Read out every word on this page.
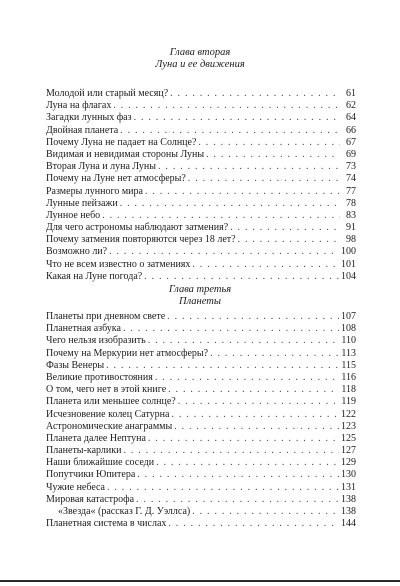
Глава вторая
Луна и ее движения
Молодой или старый месяц? . . .	61
Луна на флагах . . .	62
Загадки лунных фаз . . .	64
Двойная планета . . .	66
Почему Луна не падает на Солнце? . . .	67
Видимая и невидимая стороны Луны . . .	69
Вторая Луна и луна Луны . . .	73
Почему на Луне нет атмосферы? . . .	74
Размеры лунного мира . . .	77
Лунные пейзажи . . .	78
Лунное небо . . .	83
Для чего астрономы наблюдают затмения? . . .	91
Почему затмения повторяются через 18 лет? . . .	98
Возможно ли? . . .	100
Что не всем известно о затмениях . . .	101
Какая на Луне погода? . . .	104
Глава третья
Планеты
Планеты при дневном свете . . .	107
Планетная азбука . . .	108
Чего нельзя изобразить . . .	110
Почему на Меркурии нет атмосферы? . . .	113
Фазы Венеры . . .	115
Великие противостояния . . .	116
О том, чего нет в этой книге . . .	118
Планета или меньшее солнце? . . .	119
Исчезновение колец Сатурна . . .	122
Астрономические анаграммы . . .	123
Планета далее Нептуна . . .	125
Планеты-карлики . . .	127
Наши ближайшие соседи . . .	129
Попутчики Юпитера . . .	130
Чужие небеса . . .	131
Мировая катастрофа . . .	138
«Звезда« (рассказ Г. Д. Уэллса) . . .	138
Планетная система в числах . . .	144
